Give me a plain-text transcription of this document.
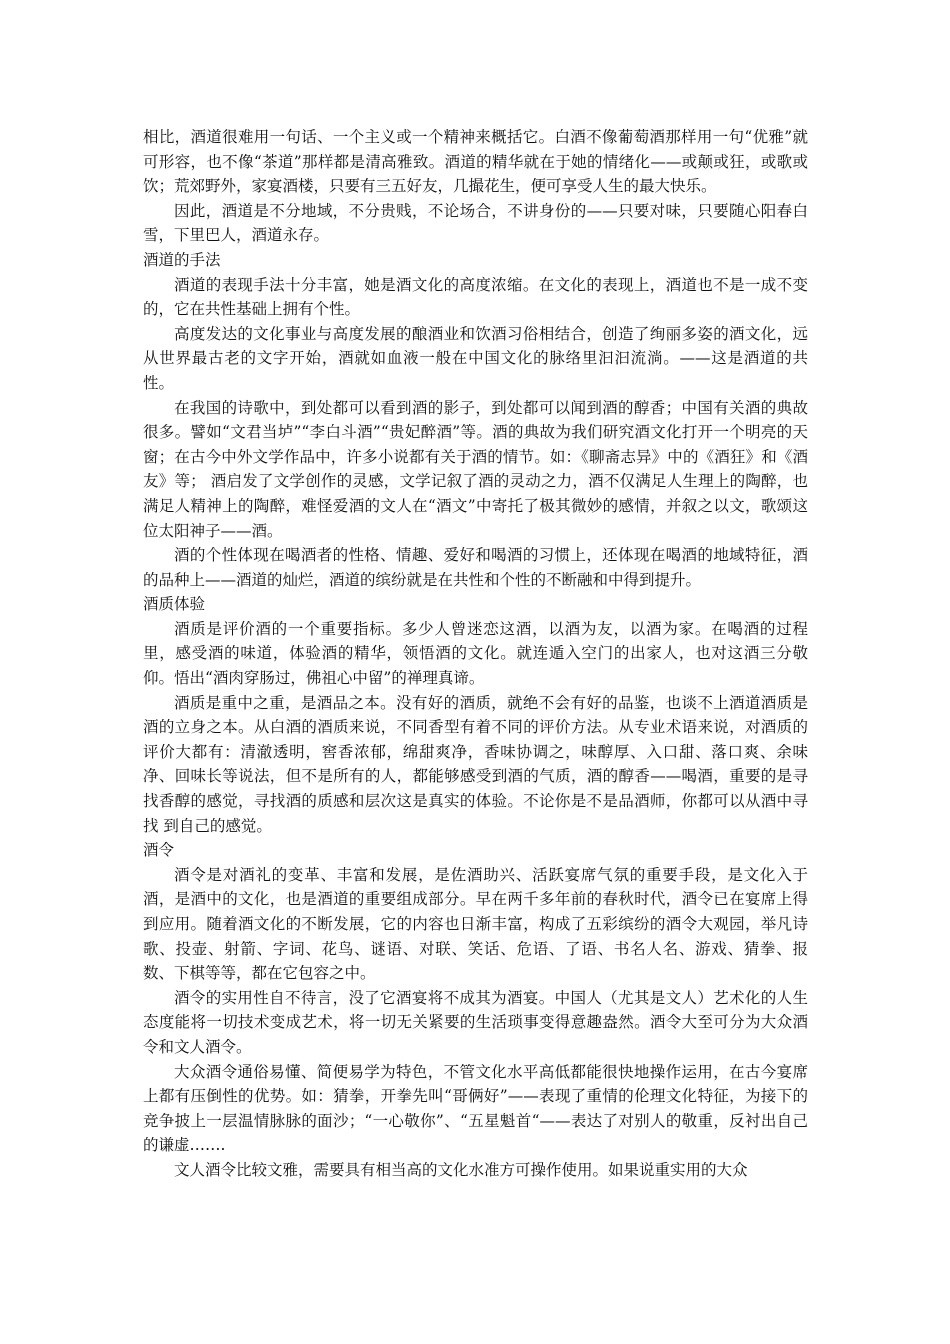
相比，酒道很难用一句话、一个主义或一个精神来概括它。白酒不像葡萄酒那样用一句“优雅”就可形容，也不像“茶道”那样都是清高雅致。酒道的精华就在于她的情绪化——或颠或狂，或歌或饮；荒郊野外，家宴酒楼，只要有三五好友，几撮花生，便可享受人生的最大快乐。

因此，酒道是不分地域，不分贵贱，不论场合，不讲身份的——只要对味，只要随心阳春白雪，下里巴人，酒道永存。

酒道的手法

酒道的表现手法十分丰富，她是酒文化的高度浓缩。在文化的表现上，酒道也不是一成不变的，它在共性基础上拥有个性。

高度发达的文化事业与高度发展的酿酒业和饮酒习俗相结合，创造了绚丽多姿的酒文化，远从世界最古老的文字开始，酒就如血液一般在中国文化的脉络里汩汩流淌。——这是酒道的共性。

在我国的诗歌中，到处都可以看到酒的影子，到处都可以闻到酒的醇香；中国有关酒的典故很多。譬如“文君当垆”“李白斗酒”“贵妃醉酒”等。酒的典故为我们研究酒文化打开一个明亮的天窗；在古今中外文学作品中，许多小说都有关于酒的情节。如：《聊斋志异》中的《酒狂》和《酒友》等； 酒启发了文学创作的灵感，文学记叙了酒的灵动之力，酒不仅满足人生理上的陶醉，也满足人精神上的陶醉，难怪爱酒的文人在“酒文”中寄托了极其微妙的感情，并叙之以文，歌颂这位太阳神子——酒。

酒的个性体现在喝酒者的性格、情趣、爱好和喝酒的习惯上，还体现在喝酒的地域特征，酒的品种上——酒道的灿烂，酒道的缤纷就是在共性和个性的不断融和中得到提升。

酒质体验

酒质是评价酒的一个重要指标。多少人曾迷恋这酒，以酒为友，以酒为家。在喝酒的过程里，感受酒的味道，体验酒的精华，领悟酒的文化。就连遁入空门的出家人，也对这酒三分敬仰。悟出“酒肉穿肠过，佛祖心中留”的禅理真谛。

酒质是重中之重，是酒品之本。没有好的酒质，就绝不会有好的品鉴，也谈不上酒道酒质是酒的立身之本。从白酒的酒质来说，不同香型有着不同的评价方法。从专业术语来说，对酒质的评价大都有：清澈透明，窖香浓郁，绵甜爽净，香味协调之，味醇厚、入口甜、落口爽、余味净、回味长等说法，但不是所有的人，都能够感受到酒的气质，酒的醇香——喝酒，重要的是寻找香醇的感觉，寻找酒的质感和层次这是真实的体验。不论你是不是品酒师，你都可以从酒中寻找 到自己的感觉。

酒令

酒令是对酒礼的变革、丰富和发展，是佐酒助兴、活跃宴席气氛的重要手段，是文化入于酒，是酒中的文化，也是酒道的重要组成部分。早在两千多年前的春秋时代，酒令已在宴席上得到应用。随着酒文化的不断发展，它的内容也日渐丰富，构成了五彩缤纷的酒令大观园，举凡诗歌、投壶、射箭、字词、花鸟、谜语、对联、笑话、危语、了语、书名人名、游戏、猜拳、报数、下棋等等，都在它包容之中。

酒令的实用性自不待言，没了它酒宴将不成其为酒宴。中国人（尤其是文人）艺术化的人生态度能将一切技术变成艺术，将一切无关紧要的生活琐事变得意趣盎然。酒令大至可分为大众酒令和文人酒令。

大众酒令通俗易懂、简便易学为特色，不管文化水平高低都能很快地操作运用，在古今宴席上都有压倒性的优势。如：猜拳，开拳先叫“哥俩好”——表现了重情的伦理文化特征，为接下的竞争披上一层温情脉脉的面沙；“一心敬你”、“五星魁首“——表达了对别人的敬重，反衬出自己的谦虚…….

文人酒令比较文雅，需要具有相当高的文化水准方可操作使用。如果说重实用的大众
